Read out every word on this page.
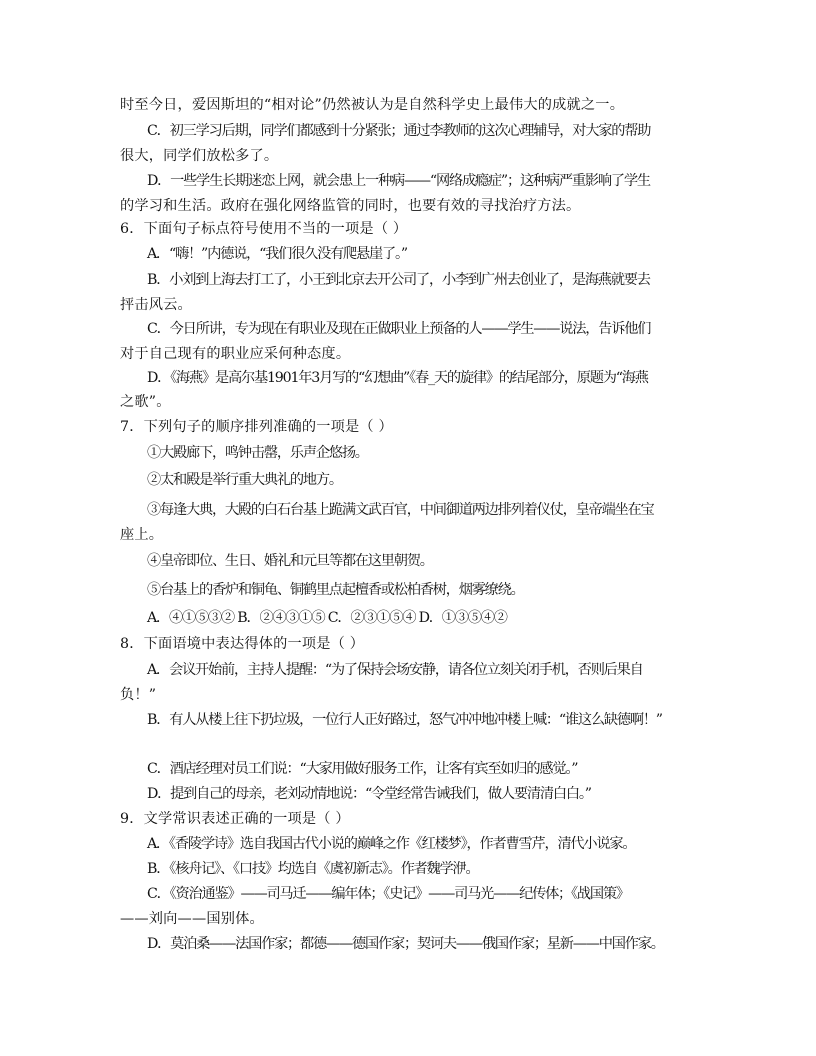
时至今日，爱因斯坦的“相对论”仍然被认为是自然科学史上最伟大的成就之一。
C．初三学习后期，同学们都感到十分紧张；通过李教师的这次心理辅导，对大家的帮助
很大，同学们放松多了。
D．一些学生长期迷恋上网，就会患上一种病——“网络成瘾症”；这种病严重影响了学生
的学习和生活。政府在强化网络监管的同时，也要有效的寻找治疗方法。
6．下面句子标点符号使用不当的一项是（ ）
A．“嗨！”内德说，“我们很久没有爬悬崖了。”
B．小刘到上海去打工了，小王到北京去开公司了，小李到广州去创业了，是海燕就要去
抨击风云。
C．今日所讲，专为现在有职业及现在正做职业上预备的人——学生——说法，告诉他们
对于自己现有的职业应采何种态度。
D．《海燕》是高尔基1901年3月写的“幻想曲”《春_天的旋律》的结尾部分，原题为“海燕
之歌”。
7．下列句子的顺序排列准确的一项是（ ）
①大殿廊下，鸣钟击罄，乐声企悠扬。
②太和殿是举行重大典礼的地方。
③每逢大典，大殿的白石台基上跪满文武百官，中间御道两边排列着仪仗，皇帝端坐在宝
座上。
④皇帝即位、生日、婚礼和元旦等都在这里朝贺。
⑤台基上的香炉和铜龟、铜鹤里点起檀香或松柏香树，烟雾缭绕。
A．④①⑤③② B．②④③①⑤ C．②③①⑤④ D．①③⑤④②
8．下面语境中表达得体的一项是（ ）
A．会议开始前，主持人提醒：“为了保持会场安静，请各位立刻关闭手机，否则后果自
负！”
B．有人从楼上往下扔垃圾，一位行人正好路过，怒气冲冲地冲楼上喊：“谁这么缺德啊！”
C．酒店经理对员工们说：“大家用做好服务工作，让客有宾至如归的感觉。”
D．提到自己的母亲，老刘动情地说：“令堂经常告诫我们，做人要清清白白。”
9．文学常识表述正确的一项是（ ）
A．《香陵学诗》选自我国古代小说的巅峰之作《红楼梦》，作者曹雪芹，清代小说家。
B．《核舟记》、《口技》均选自《虞初新志》。作者魏学洢。
C．《资治通鉴》——司马迁——编年体；《史记》——司马光——纪传体；《战国策》
——刘向——国别体。
D．莫泊桑——法国作家；都德——德国作家；契诃夫——俄国作家；星新——中国作家。
